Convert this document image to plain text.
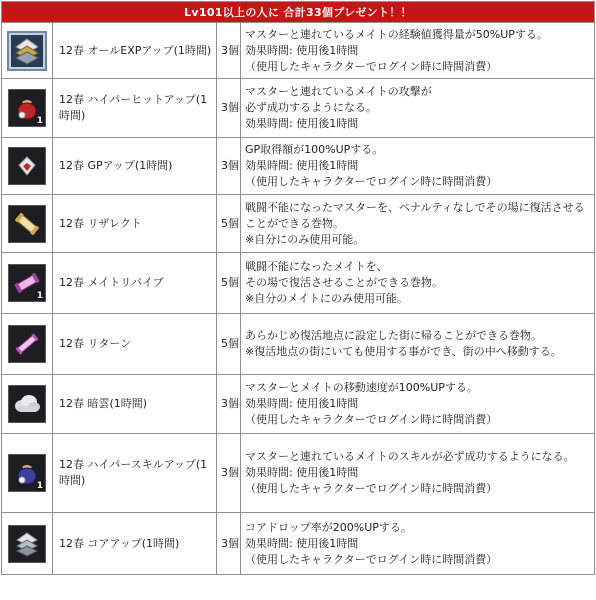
Lv101以上の人に 合計33個プレゼント！！			

	12春 オールEXPアップ(1時間)	3個	マスターと連れているメイトの経験値獲得量が50%UPする。
効果時間: 使用後1時間
（使用したキャラクターでログイン時に時間消費）

1	12春 ハイパーヒットアップ(1時間)	3個	マスターと連れているメイトの攻撃が
必ず成功するようになる。
効果時間: 使用後1時間

	12春 GPアップ(1時間)	3個	GP取得額が100%UPする。
効果時間: 使用後1時間
（使用したキャラクターでログイン時に時間消費）

	12春 リザレクト	5個	戦闘不能になったマスターを、ペナルティなしでその場に復活させることができる巻物。
※自分にのみ使用可能。

1	12春 メイトリバイブ	5個	戦闘不能になったメイトを、
その場で復活させることができる巻物。
※自分のメイトにのみ使用可能。

	12春 リターン	5個	あらかじめ復活地点に設定した街に帰ることができる巻物。
※復活地点の街にいても使用する事ができ、街の中へ移動する。

	12春 暗雲(1時間)	3個	マスターとメイトの移動速度が100%UPする。
効果時間: 使用後1時間
（使用したキャラクターでログイン時に時間消費）

1	12春 ハイパースキルアップ(1時間)	3個	マスターと連れているメイトのスキルが必ず成功するようになる。
効果時間: 使用後1時間
（使用したキャラクターでログイン時に時間消費）

	12春 コアアップ(1時間)	3個	コアドロップ率が200%UPする。
効果時間: 使用後1時間
（使用したキャラクターでログイン時に時間消費）
